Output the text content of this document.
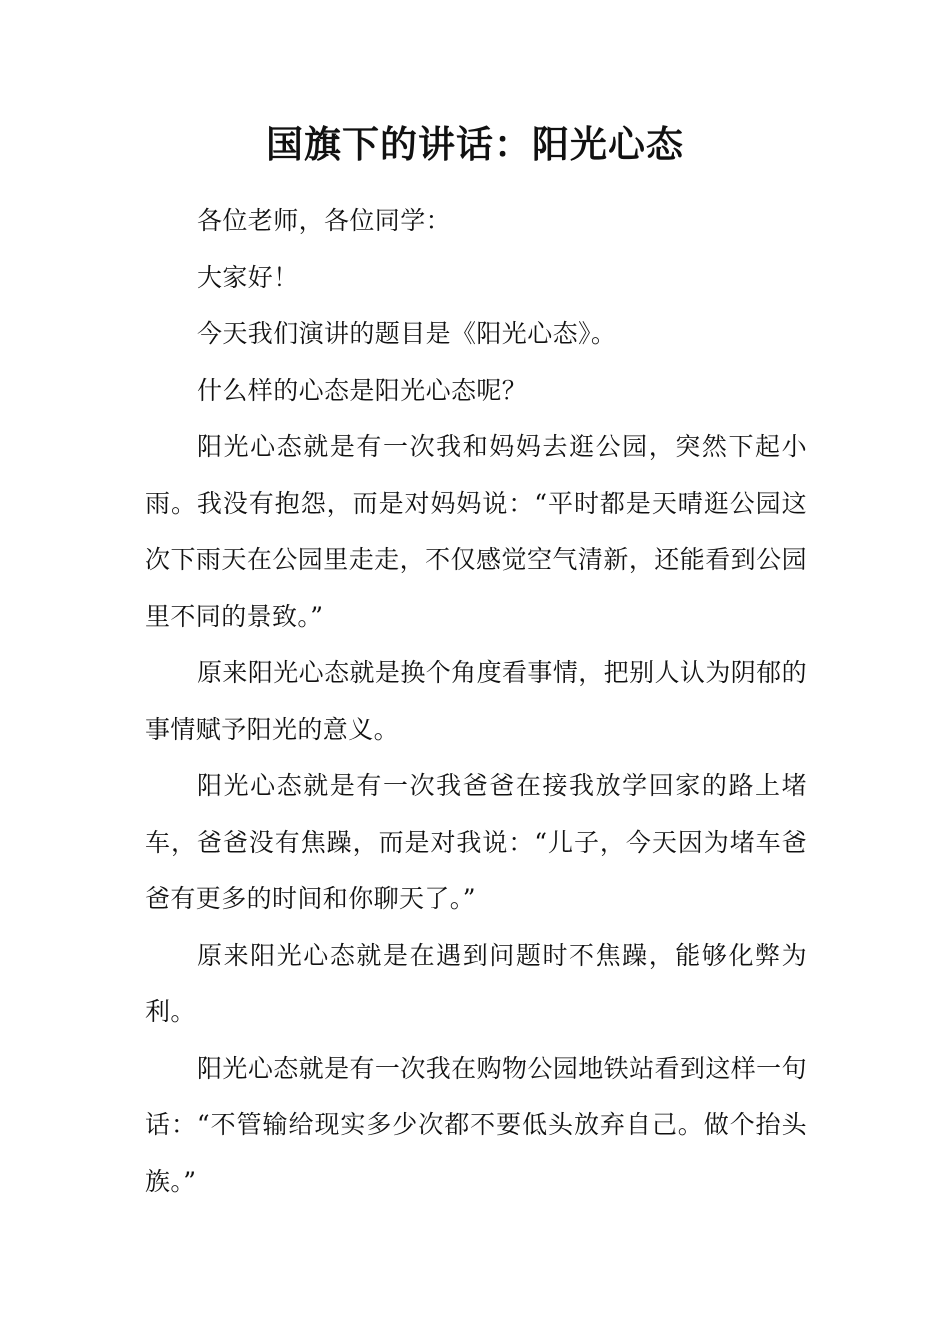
国旗下的讲话：阳光心态

各位老师，各位同学：

大家好！

今天我们演讲的题目是《阳光心态》。

什么样的心态是阳光心态呢？

阳光心态就是有一次我和妈妈去逛公园，突然下起小雨。我没有抱怨，而是对妈妈说：“平时都是天晴逛公园这次下雨天在公园里走走，不仅感觉空气清新，还能看到公园里不同的景致。”

原来阳光心态就是换个角度看事情，把别人认为阴郁的事情赋予阳光的意义。

阳光心态就是有一次我爸爸在接我放学回家的路上堵车，爸爸没有焦躁，而是对我说：“儿子，今天因为堵车爸爸有更多的时间和你聊天了。”

原来阳光心态就是在遇到问题时不焦躁，能够化弊为利。

阳光心态就是有一次我在购物公园地铁站看到这样一句话：“不管输给现实多少次都不要低头放弃自己。做个抬头族。”
